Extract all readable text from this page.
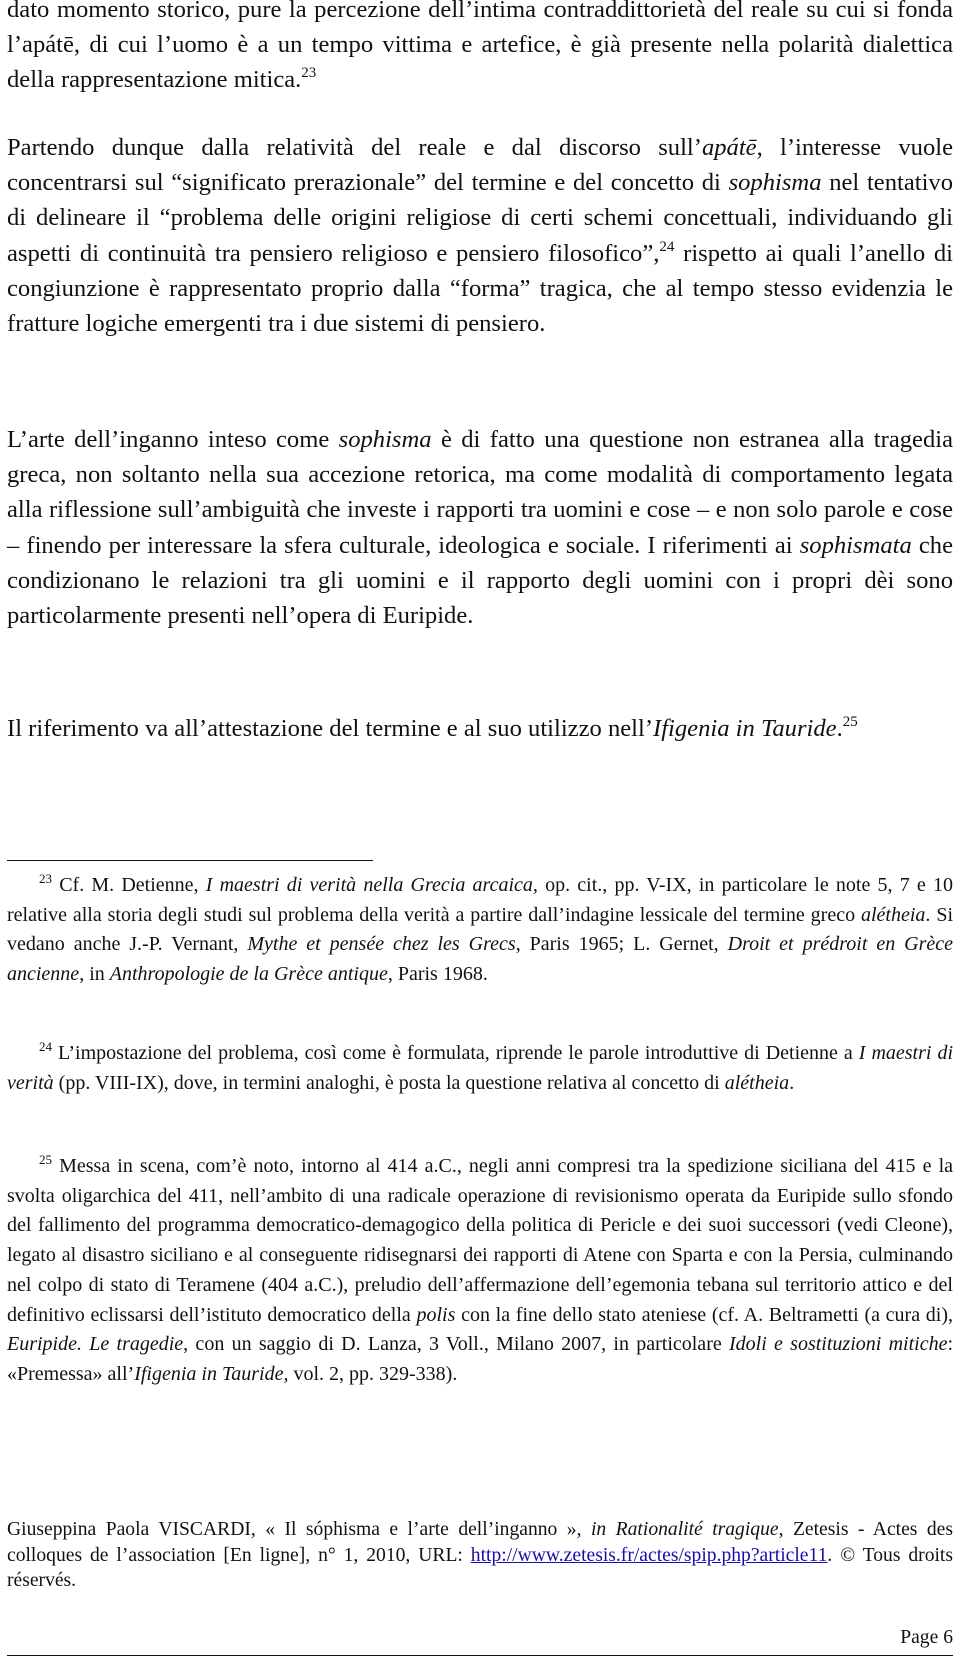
dato momento storico, pure la percezione dell’intima contraddittorietà del reale su cui si fonda l’apátē, di cui l’uomo è a un tempo vittima e artefice, è già presente nella polarità dialettica della rappresentazione mitica.$^{23}$

Partendo dunque dalla relatività del reale e dal discorso sull’apátē, l’interesse vuole concentrarsi sul “significato prerazionale” del termine e del concetto di sophisma nel tentativo di delineare il “problema delle origini religiose di certi schemi concettuali, individuando gli aspetti di continuità tra pensiero religioso e pensiero filosofico”,$^{24}$ rispetto ai quali l’anello di congiunzione è rappresentato proprio dalla “forma” tragica, che al tempo stesso evidenzia le fratture logiche emergenti tra i due sistemi di pensiero.

L’arte dell’inganno inteso come sophisma è di fatto una questione non estranea alla tragedia greca, non soltanto nella sua accezione retorica, ma come modalità di comportamento legata alla riflessione sull’ambiguità che investe i rapporti tra uomini e cose – e non solo parole e cose – finendo per interessare la sfera culturale, ideologica e sociale. I riferimenti ai sophismata che condizionano le relazioni tra gli uomini e il rapporto degli uomini con i propri dèi sono particolarmente presenti nell’opera di Euripide.

Il riferimento va all’attestazione del termine e al suo utilizzo nell’Ifigenia in Tauride.$^{25}$

$^{23}$ Cf. M. Detienne, I maestri di verità nella Grecia arcaica, op. cit., pp. V-IX, in particolare le note 5, 7 e 10 relative alla storia degli studi sul problema della verità a partire dall’indagine lessicale del termine greco alétheia. Si vedano anche J.-P. Vernant, Mythe et pensée chez les Grecs, Paris 1965; L. Gernet, Droit et prédroit en Grèce ancienne, in Anthropologie de la Grèce antique, Paris 1968.

$^{24}$ L’impostazione del problema, così come è formulata, riprende le parole introduttive di Detienne a I maestri di verità (pp. VIII-IX), dove, in termini analoghi, è posta la questione relativa al concetto di alétheia.

$^{25}$ Messa in scena, com’è noto, intorno al 414 a.C., negli anni compresi tra la spedizione siciliana del 415 e la svolta oligarchica del 411, nell’ambito di una radicale operazione di revisionismo operata da Euripide sullo sfondo del fallimento del programma democratico-demagogico della politica di Pericle e dei suoi successori (vedi Cleone), legato al disastro siciliano e al conseguente ridisegnarsi dei rapporti di Atene con Sparta e con la Persia, culminando nel colpo di stato di Teramene (404 a.C.), preludio dell’affermazione dell’egemonia tebana sul territorio attico e del definitivo eclissarsi dell’istituto democratico della polis con la fine dello stato ateniese (cf. A. Beltrametti (a cura di), Euripide. Le tragedie, con un saggio di D. Lanza, 3 Voll., Milano 2007, in particolare Idoli e sostituzioni mitiche: «Premessa» all’Ifigenia in Tauride, vol. 2, pp. 329-338).

Giuseppina Paola VISCARDI, « Il sóphisma e l’arte dell’inganno », in Rationalité tragique, Zetesis - Actes des colloques de l’association [En ligne], n° 1, 2010, URL: http://www.zetesis.fr/actes/spip.php?article11. © Tous droits réservés.

Page 6
